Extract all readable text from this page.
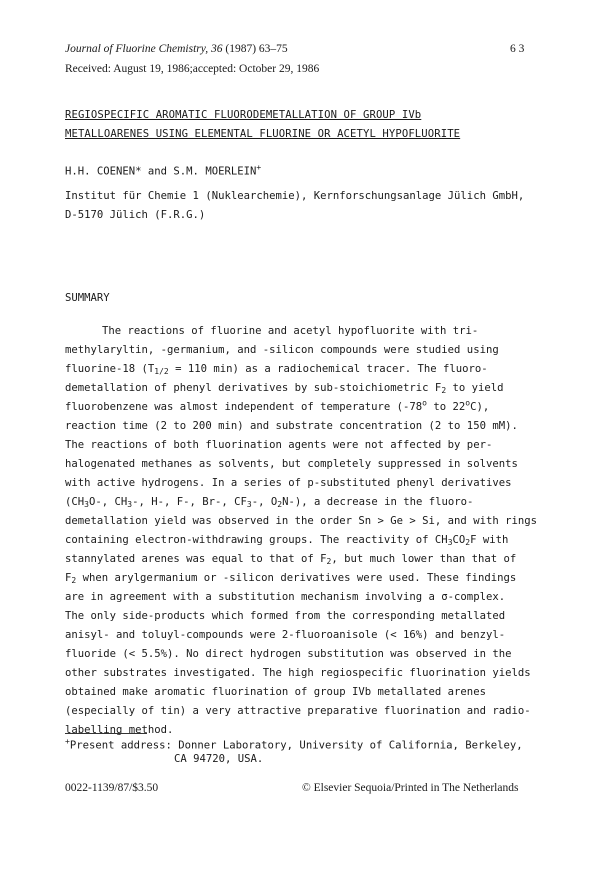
Journal of Fluorine Chemistry, 36 (1987) 63–75	6 3
Received: August 19, 1986;accepted: October 29, 1986
REGIOSPECIFIC AROMATIC FLUORODEMETALLATION OF GROUP IVb
METALLOARENES USING ELEMENTAL FLUORINE OR ACETYL HYPOFLUORITE
H.H. COENEN* and S.M. MOERLEIN+
Institut für Chemie 1 (Nuklearchemie), Kernforschungsanlage Jülich GmbH,
D-5170 Jülich (F.R.G.)
SUMMARY
The reactions of fluorine and acetyl hypofluorite with tri-
methylaryltin, -germanium, and -silicon compounds were studied using
fluorine-18 ($T_{1/2} = 110$ min) as a radiochemical tracer. The fluoro-
demetallation of phenyl derivatives by sub-stoichiometric $F_2$ to yield
fluorobenzene was almost independent of temperature (-78$^o$ to 22$^o$C),
reaction time (2 to 200 min) and substrate concentration (2 to 150 mM).
The reactions of both fluorination agents were not affected by per-
halogenated methanes as solvents, but completely suppressed in solvents
with active hydrogens. In a series of p-substituted phenyl derivatives
($CH_3O-$, $CH_3-$, H-, F-, Br-, $CF_3-$, $O_2N-$), a decrease in the fluoro-
demetallation yield was observed in the order Sn > Ge > Si, and with rings
containing electron-withdrawing groups. The reactivity of $CH_3CO_2F$ with
stannylated arenes was equal to that of $F_2$, but much lower than that of
$F_2$ when arylgermanium or -silicon derivatives were used. These findings
are in agreement with a substitution mechanism involving a σ-complex.
The only side-products which formed from the corresponding metallated
anisyl- and toluyl-compounds were 2-fluoroanisole (< 16%) and benzyl-
fluoride (< 5.5%). No direct hydrogen substitution was observed in the
other substrates investigated. The high regiospecific fluorination yields
obtained make aromatic fluorination of group IVb metallated arenes
(especially of tin) a very attractive preparative fluorination and radio-
labelling method.
+Present address: Donner Laboratory, University of California, Berkeley,
CA 94720, USA.
0022-1139/87/$3.50	© Elsevier Sequoia/Printed in The Netherlands
